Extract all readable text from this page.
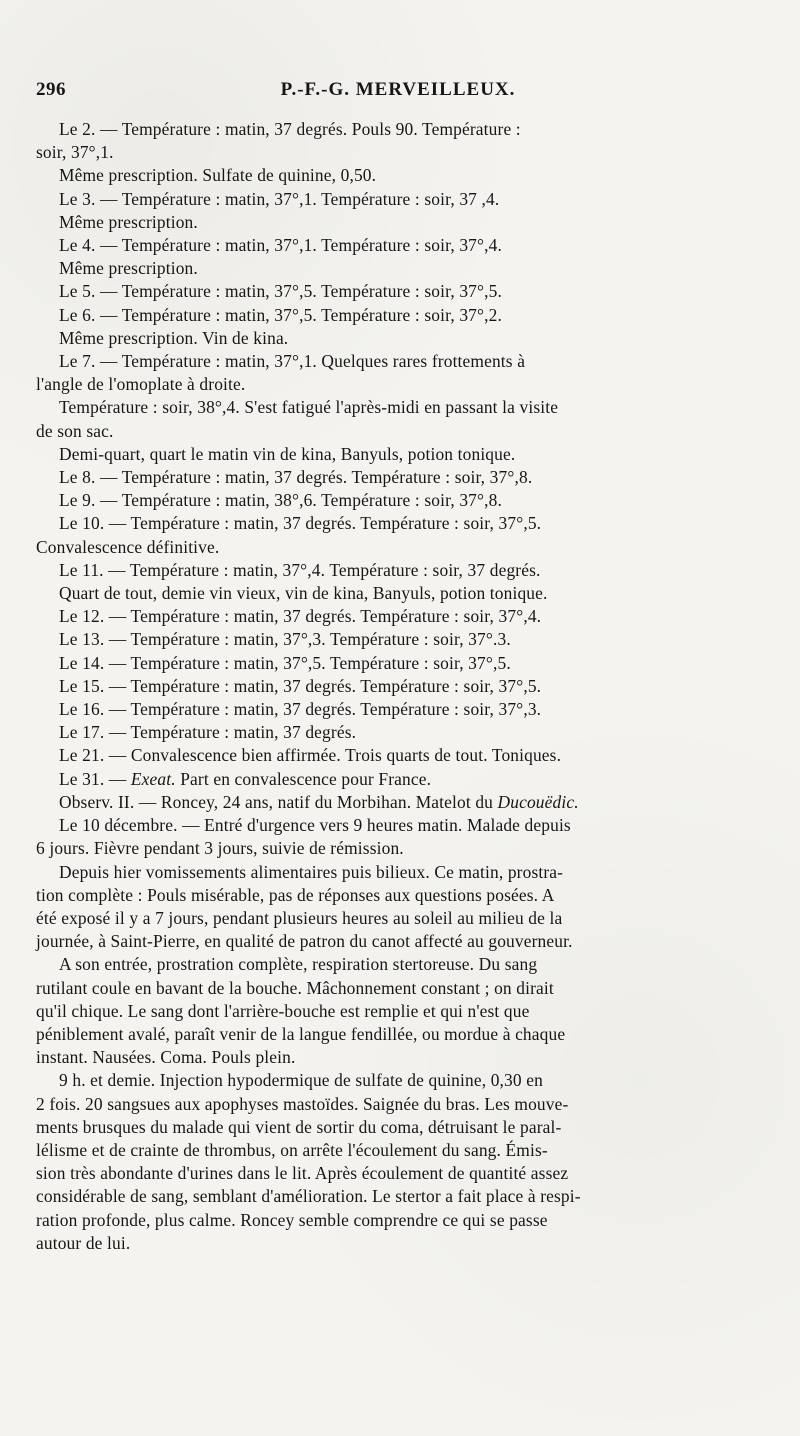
296	P.-F.-G. MERVEILLEUX.

Le 2. — Température : matin, 37 degrés. Pouls 90. Température :

soir, 37°,1.

Même prescription. Sulfate de quinine, 0,50.

Le 3. — Température : matin, 37°,1. Température : soir, 37 ,4.

Même prescription.

Le 4. — Température : matin, 37°,1. Température : soir, 37°,4.

Même prescription.

Le 5. — Température : matin, 37°,5. Température : soir, 37°,5.

Le 6. — Température : matin, 37°,5. Température : soir, 37°,2.

Même prescription. Vin de kina.

Le 7. — Température : matin, 37°,1. Quelques rares frottements à

l'angle de l'omoplate à droite.

Température : soir, 38°,4. S'est fatigué l'après-midi en passant la visite

de son sac.

Demi-quart, quart le matin vin de kina, Banyuls, potion tonique.

Le 8. — Température : matin, 37 degrés. Température : soir, 37°,8.

Le 9. — Température : matin, 38°,6. Température : soir, 37°,8.

Le 10. — Température : matin, 37 degrés. Température : soir, 37°,5.

Convalescence définitive.

Le 11. — Température : matin, 37°,4. Température : soir, 37 degrés.

Quart de tout, demie vin vieux, vin de kina, Banyuls, potion tonique.

Le 12. — Température : matin, 37 degrés. Température : soir, 37°,4.

Le 13. — Température : matin, 37°,3. Température : soir, 37°.3.

Le 14. — Température : matin, 37°,5. Température : soir, 37°,5.

Le 15. — Température : matin, 37 degrés. Température : soir, 37°,5.

Le 16. — Température : matin, 37 degrés. Température : soir, 37°,3.

Le 17. — Température : matin, 37 degrés.

Le 21. — Convalescence bien affirmée. Trois quarts de tout. Toniques.

Le 31. — Exeat. Part en convalescence pour France.

Observ. II. — Roncey, 24 ans, natif du Morbihan. Matelot du Ducouëdic.

Le 10 décembre. — Entré d'urgence vers 9 heures matin. Malade depuis

6 jours. Fièvre pendant 3 jours, suivie de rémission.

Depuis hier vomissements alimentaires puis bilieux. Ce matin, prostra-

tion complète : Pouls misérable, pas de réponses aux questions posées. A

été exposé il y a 7 jours, pendant plusieurs heures au soleil au milieu de la

journée, à Saint-Pierre, en qualité de patron du canot affecté au gouverneur.

A son entrée, prostration complète, respiration stertoreuse. Du sang

rutilant coule en bavant de la bouche. Mâchonnement constant ; on dirait

qu'il chique. Le sang dont l'arrière-bouche est remplie et qui n'est que

péniblement avalé, paraît venir de la langue fendillée, ou mordue à chaque

instant. Nausées. Coma. Pouls plein.

9 h. et demie. Injection hypodermique de sulfate de quinine, 0,30 en

2 fois. 20 sangsues aux apophyses mastoïdes. Saignée du bras. Les mouve-

ments brusques du malade qui vient de sortir du coma, détruisant le paral-

lélisme et de crainte de thrombus, on arrête l'écoulement du sang. Émis-

sion très abondante d'urines dans le lit. Après écoulement de quantité assez

considérable de sang, semblant d'amélioration. Le stertor a fait place à respi-

ration profonde, plus calme. Roncey semble comprendre ce qui se passe

autour de lui.
